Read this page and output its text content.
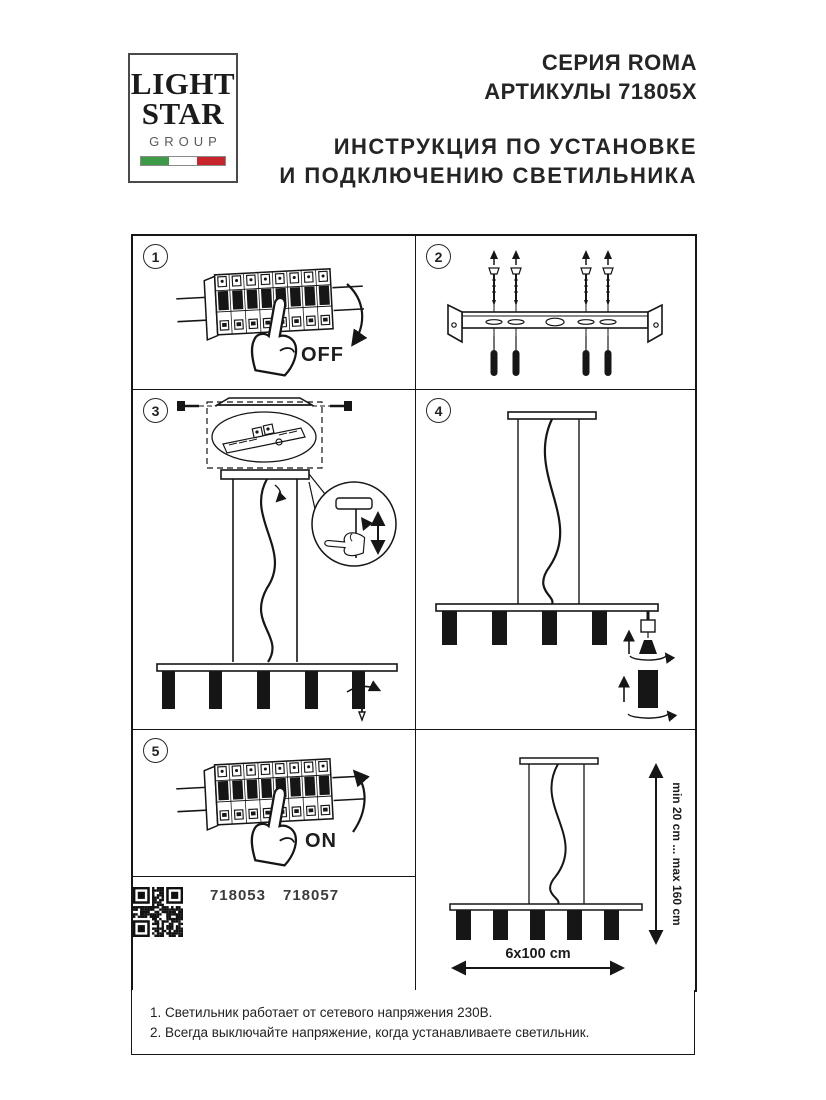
LIGHT
STAR
GROUP
СЕРИЯ ROMA
АРТИКУЛЫ 71805X
ИНСТРУКЦИЯ ПО УСТАНОВКЕ
И ПОДКЛЮЧЕНИЮ СВЕТИЛЬНИКА
1
OFF
2
3	4
5
ON
718053 718057	min 20 cm ... max 160 cm
6x100 cm
1. Светильник работает от сетевого напряжения 230В.
2. Всегда выключайте напряжение, когда устанавливаете светильник.
